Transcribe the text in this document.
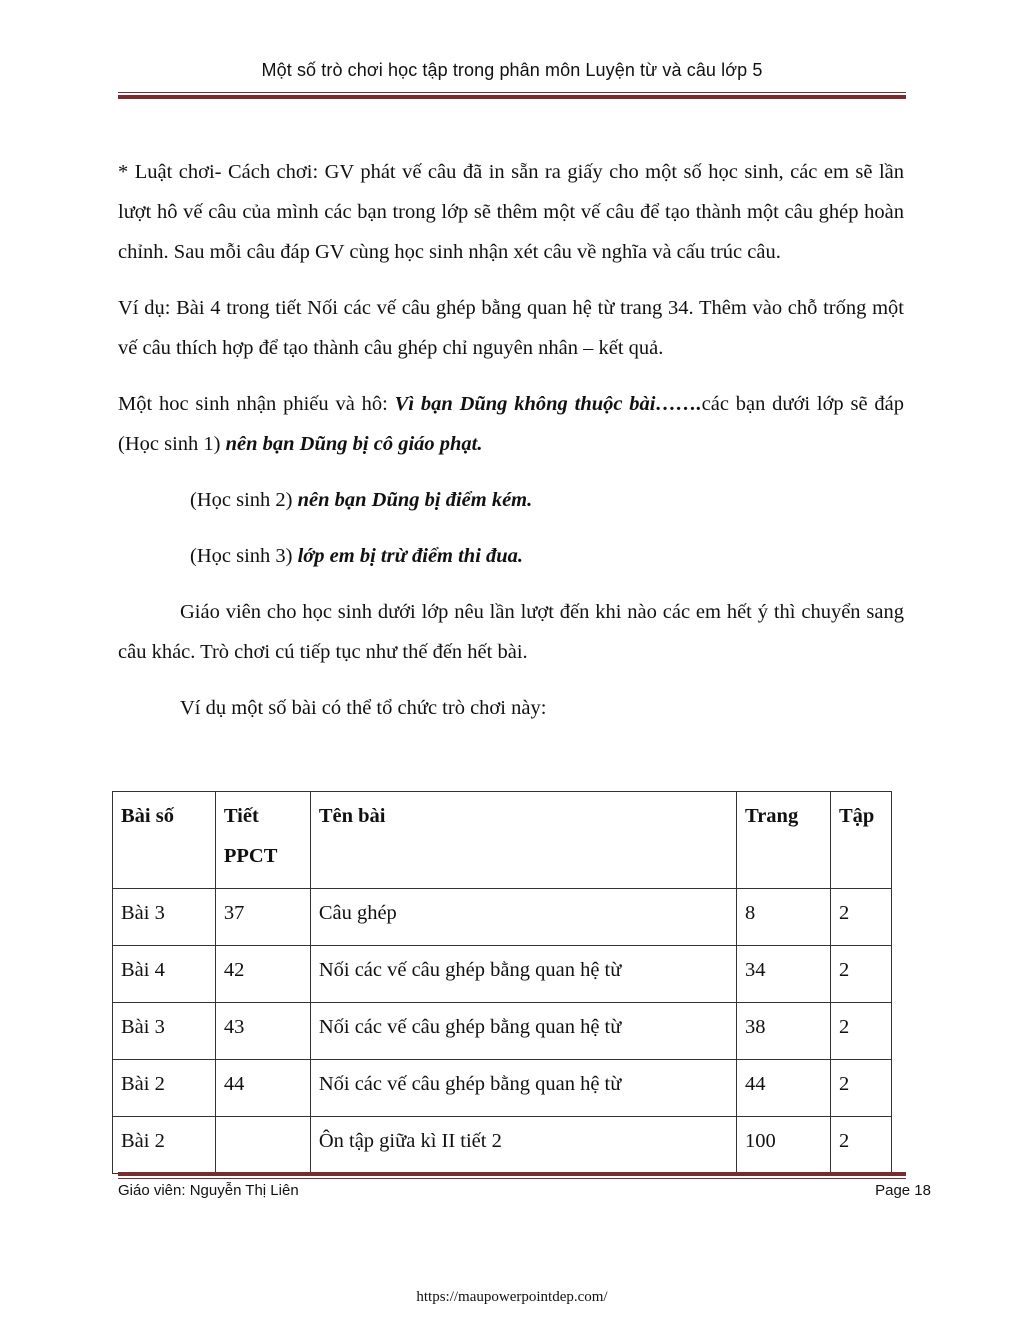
Một số trò chơi học tập trong phân môn Luyện từ và câu lớp 5

* Luật chơi- Cách chơi: GV phát vế câu đã in sẵn ra giấy cho một số học sinh, các em sẽ lần lượt hô vế câu của mình các bạn trong lớp sẽ thêm một vế câu để tạo thành một câu ghép hoàn chỉnh. Sau mỗi câu đáp GV cùng học sinh nhận xét câu về nghĩa và cấu trúc câu.

Ví dụ: Bài 4 trong tiết Nối các vế câu ghép bằng quan hệ từ trang 34. Thêm vào chỗ trống một vế câu thích hợp để tạo thành câu ghép chỉ nguyên nhân – kết quả.

Một hoc sinh nhận phiếu và hô: Vì bạn Dũng không thuộc bài…….các bạn dưới lớp sẽ đáp (Học sinh 1) nên bạn Dũng bị cô giáo phạt.

(Học sinh 2) nên bạn Dũng bị điểm kém.

(Học sinh 3) lớp em bị trừ điểm thi đua.

Giáo viên cho học sinh dưới lớp nêu lần lượt đến khi nào các em hết ý thì chuyển sang câu khác. Trò chơi cú tiếp tục như thế đến hết bài.

Ví dụ một số bài có thể tổ chức trò chơi này:

Bài số	Tiết PPCT	Tên bài	Trang	Tập
Bài 3	37	Câu ghép	8	2
Bài 4	42	Nối các vế câu ghép bằng quan hệ từ	34	2
Bài 3	43	Nối các vế câu ghép bằng quan hệ từ	38	2
Bài 2	44	Nối các vế câu ghép bằng quan hệ từ	44	2
Bài 2		Ôn tập giữa kì II tiết 2	100	2
Giáo viên: Nguyễn Thị Liên	Page 18
https://maupowerpointdep.com/
